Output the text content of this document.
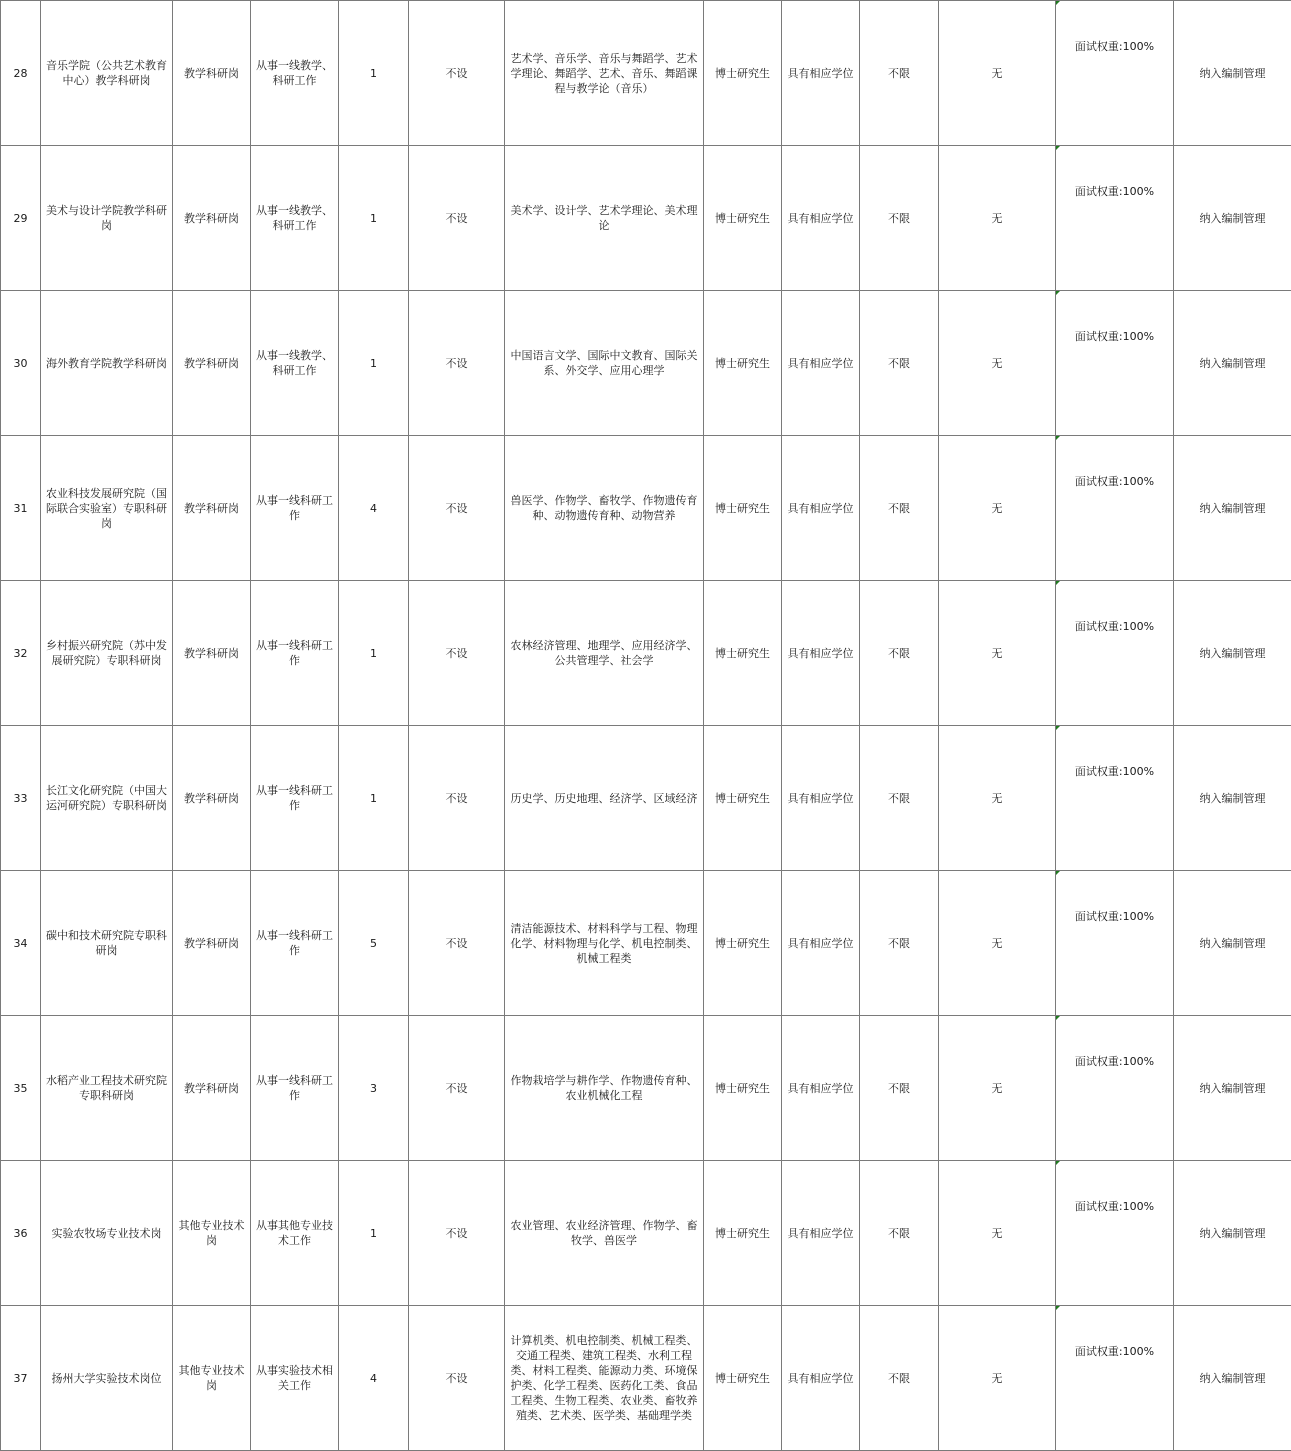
28	音乐学院（公共艺术教育中心）教学科研岗	教学科研岗	从事一线教学、科研工作	1	不设	艺术学、音乐学、音乐与舞蹈学、艺术学理论、舞蹈学、艺术、音乐、舞蹈课程与教学论（音乐）	博士研究生	具有相应学位	不限	无	面试权重:100%	纳入编制管理
29	美术与设计学院教学科研岗	教学科研岗	从事一线教学、科研工作	1	不设	美术学、设计学、艺术学理论、美术理论	博士研究生	具有相应学位	不限	无	面试权重:100%	纳入编制管理
30	海外教育学院教学科研岗	教学科研岗	从事一线教学、科研工作	1	不设	中国语言文学、国际中文教育、国际关系、外交学、应用心理学	博士研究生	具有相应学位	不限	无	面试权重:100%	纳入编制管理
31	农业科技发展研究院（国际联合实验室）专职科研岗	教学科研岗	从事一线科研工作	4	不设	兽医学、作物学、畜牧学、作物遗传育种、动物遗传育种、动物营养	博士研究生	具有相应学位	不限	无	面试权重:100%	纳入编制管理
32	乡村振兴研究院（苏中发展研究院）专职科研岗	教学科研岗	从事一线科研工作	1	不设	农林经济管理、地理学、应用经济学、公共管理学、社会学	博士研究生	具有相应学位	不限	无	面试权重:100%	纳入编制管理
33	长江文化研究院（中国大运河研究院）专职科研岗	教学科研岗	从事一线科研工作	1	不设	历史学、历史地理、经济学、区域经济	博士研究生	具有相应学位	不限	无	面试权重:100%	纳入编制管理
34	碳中和技术研究院专职科研岗	教学科研岗	从事一线科研工作	5	不设	清洁能源技术、材料科学与工程、物理化学、材料物理与化学、机电控制类、机械工程类	博士研究生	具有相应学位	不限	无	面试权重:100%	纳入编制管理
35	水稻产业工程技术研究院专职科研岗	教学科研岗	从事一线科研工作	3	不设	作物栽培学与耕作学、作物遗传育种、农业机械化工程	博士研究生	具有相应学位	不限	无	面试权重:100%	纳入编制管理
36	实验农牧场专业技术岗	其他专业技术岗	从事其他专业技术工作	1	不设	农业管理、农业经济管理、作物学、畜牧学、兽医学	博士研究生	具有相应学位	不限	无	面试权重:100%	纳入编制管理
37	扬州大学实验技术岗位	其他专业技术岗	从事实验技术相关工作	4	不设	计算机类、机电控制类、机械工程类、交通工程类、建筑工程类、水利工程类、材料工程类、能源动力类、环境保护类、化学工程类、医药化工类、食品工程类、生物工程类、农业类、畜牧养殖类、艺术类、医学类、基础理学类	博士研究生	具有相应学位	不限	无	面试权重:100%	纳入编制管理
